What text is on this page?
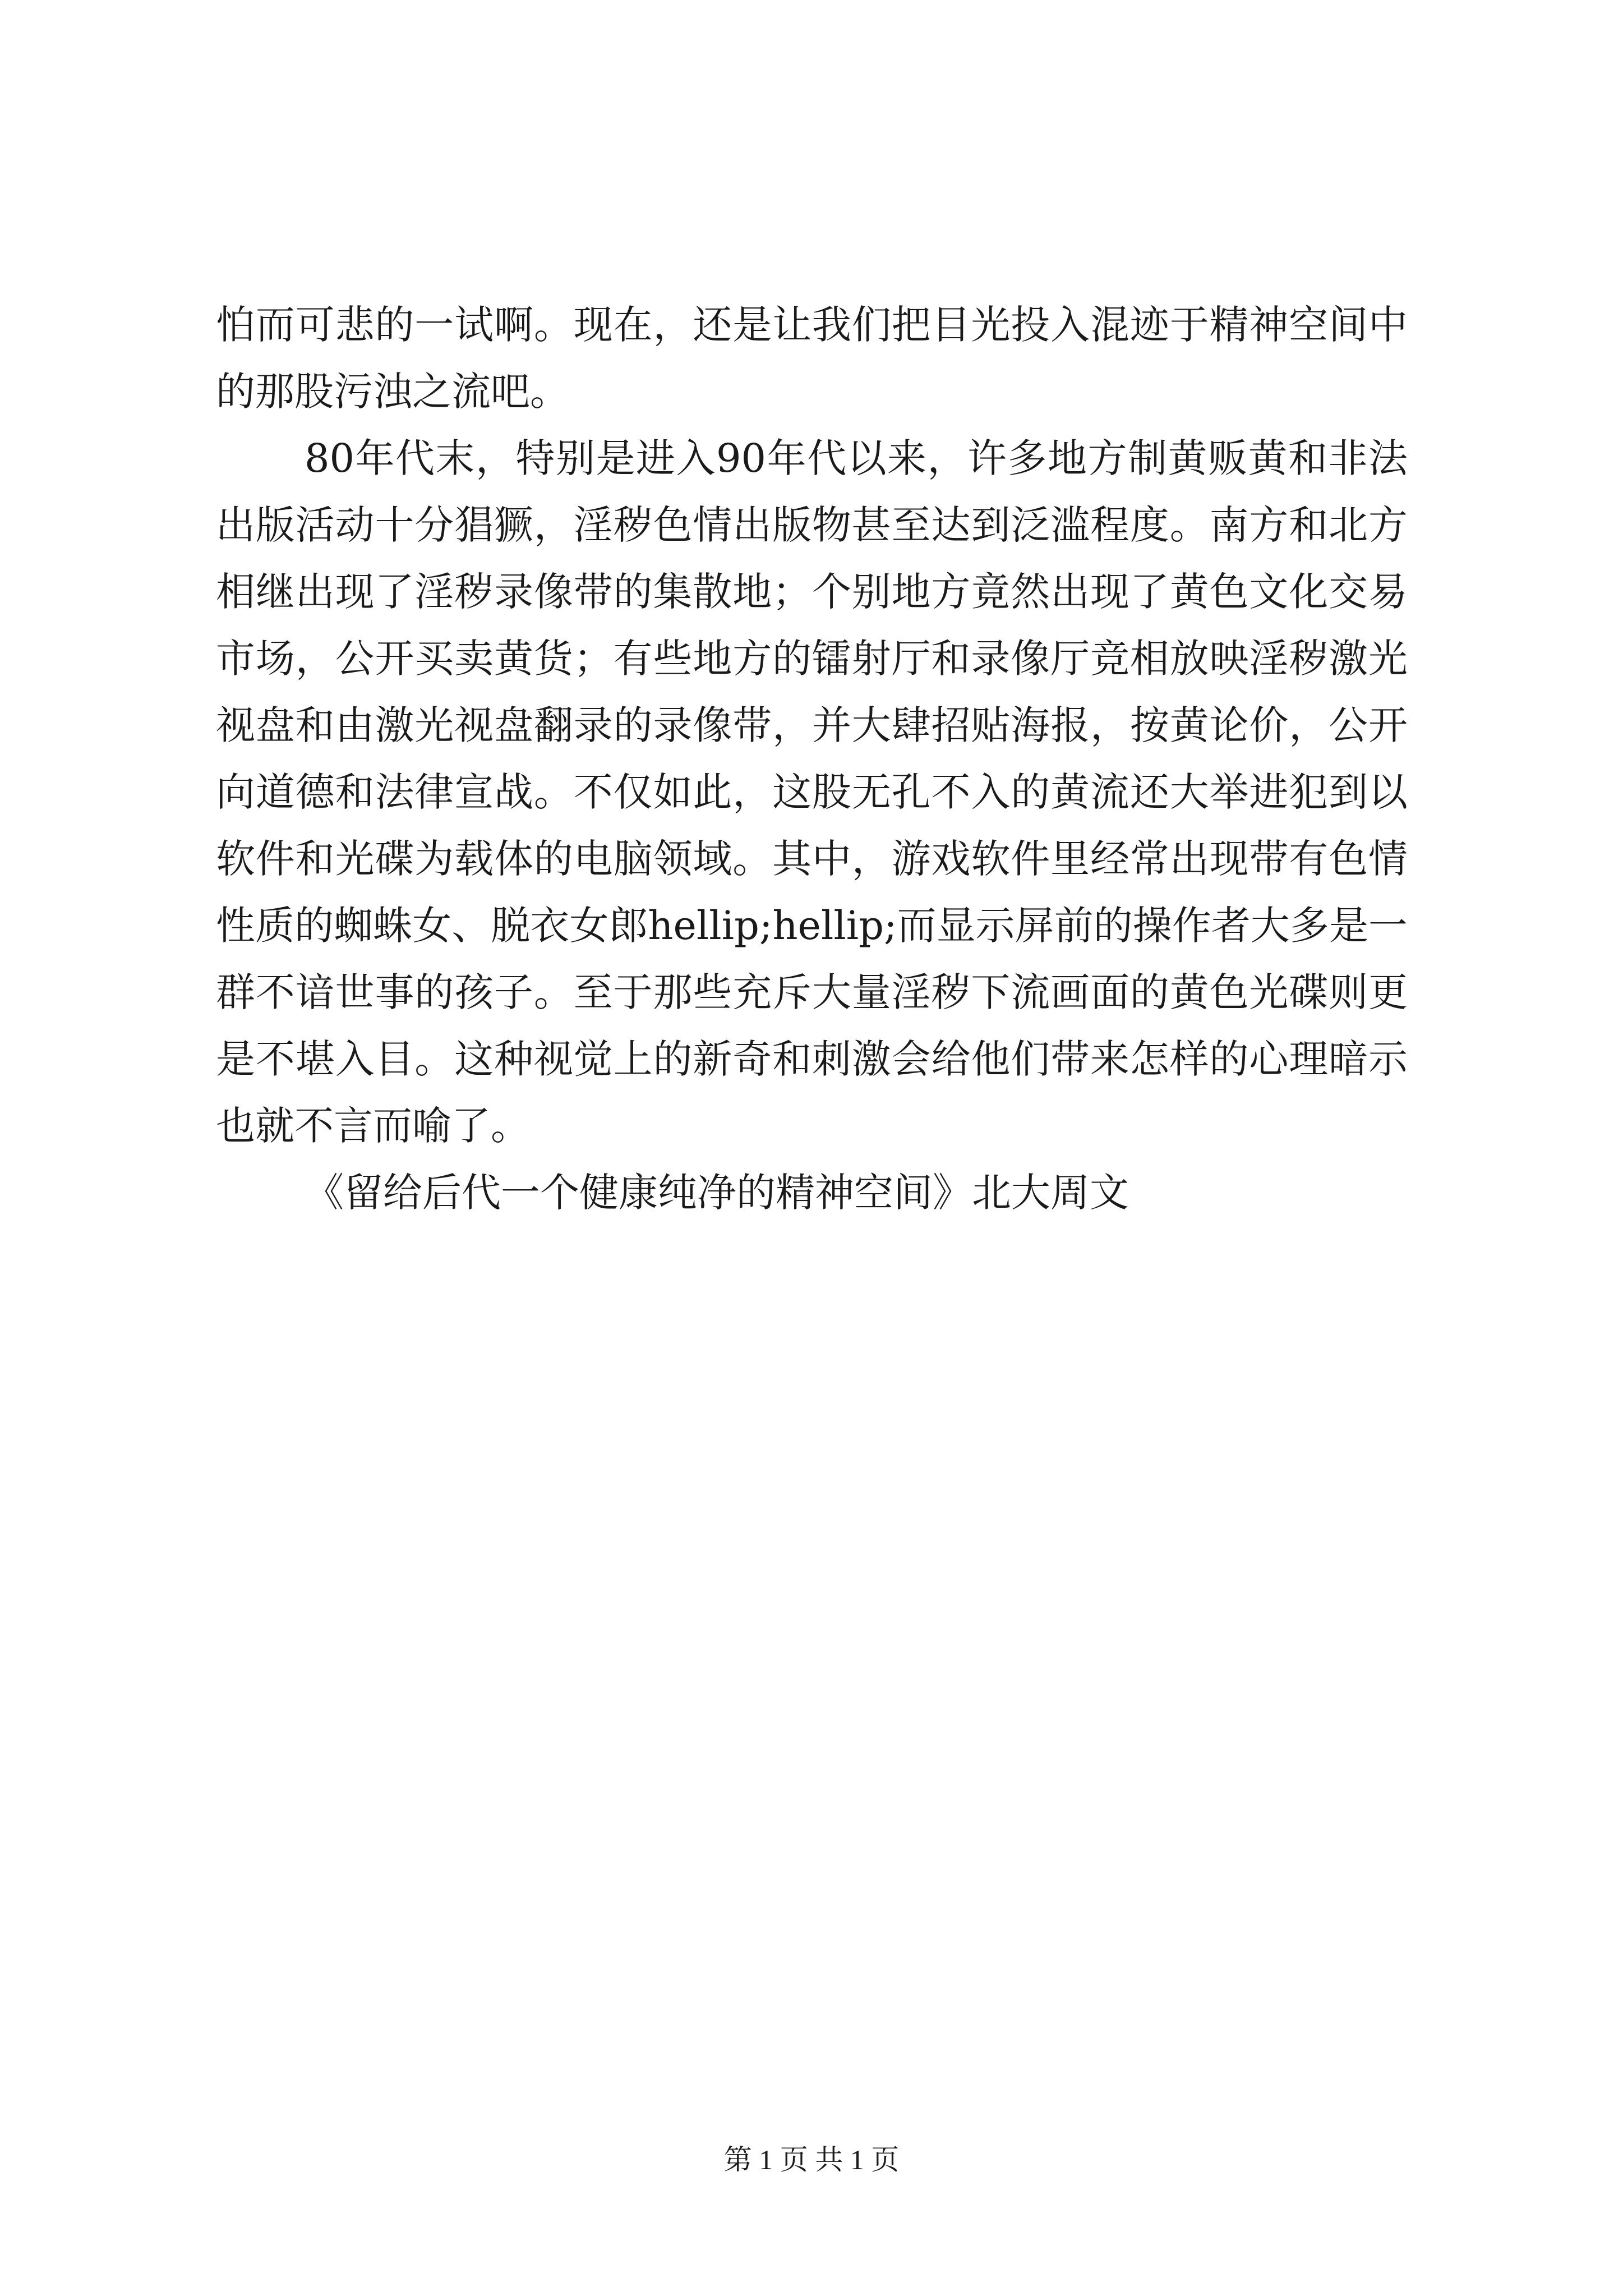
怕而可悲的一试啊。现在，还是让我们把目光投入混迹于精神空间中的那股污浊之流吧。

80年代末，特别是进入90年代以来，许多地方制黄贩黄和非法出版活动十分猖獗，淫秽色情出版物甚至达到泛滥程度。南方和北方相继出现了淫秽录像带的集散地；个别地方竟然出现了黄色文化交易市场，公开买卖黄货；有些地方的镭射厅和录像厅竞相放映淫秽激光视盘和由激光视盘翻录的录像带，并大肆招贴海报，按黄论价，公开向道德和法律宣战。不仅如此，这股无孔不入的黄流还大举进犯到以软件和光碟为载体的电脑领域。其中，游戏软件里经常出现带有色情性质的蜘蛛女、脱衣女郎hellip;hellip;而显示屏前的操作者大多是一群不谙世事的孩子。至于那些充斥大量淫秽下流画面的黄色光碟则更是不堪入目。这种视觉上的新奇和刺激会给他们带来怎样的心理暗示也就不言而喻了。

《留给后代一个健康纯净的精神空间》北大周文

第 1 页 共 1 页
